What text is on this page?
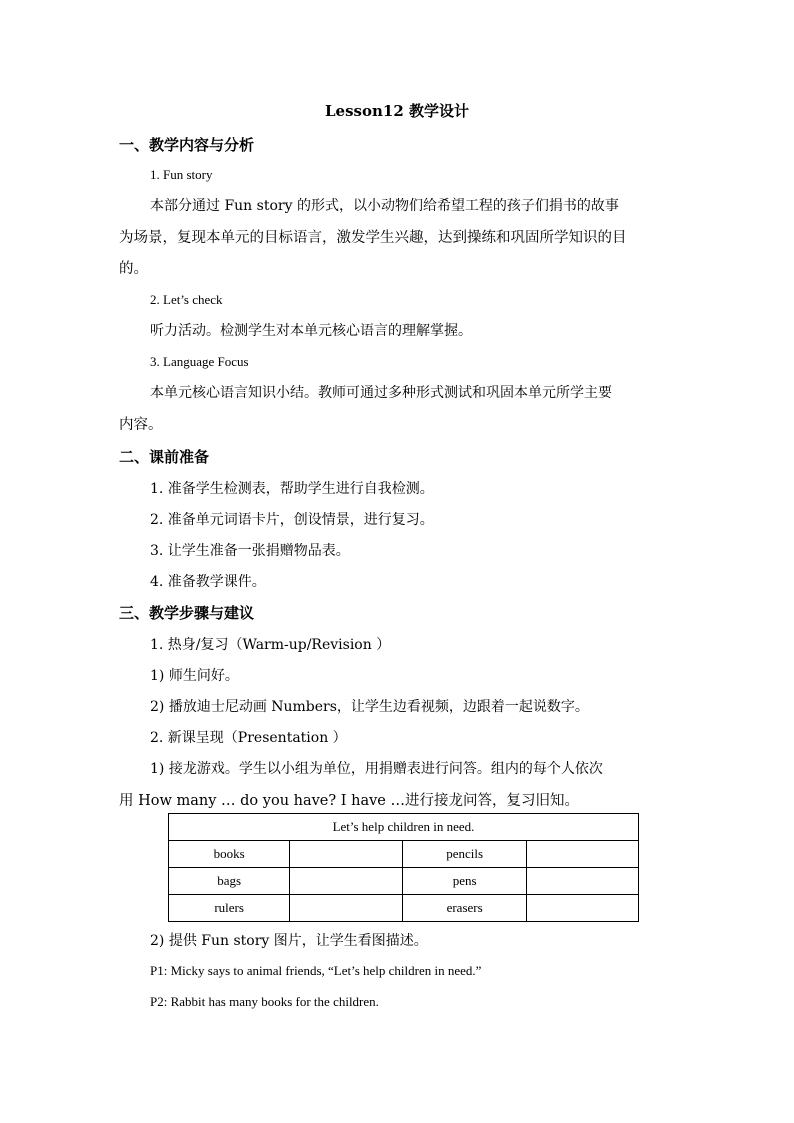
Lesson12 教学设计
一、教学内容与分析
1. Fun story
本部分通过 Fun story 的形式，以小动物们给希望工程的孩子们捐书的故事
为场景，复现本单元的目标语言，激发学生兴趣，达到操练和巩固所学知识的目
的。
2. Let’s check
听力活动。检测学生对本单元核心语言的理解掌握。
3. Language Focus
本单元核心语言知识小结。教师可通过多种形式测试和巩固本单元所学主要
内容。
二、课前准备
1. 准备学生检测表，帮助学生进行自我检测。
2. 准备单元词语卡片，创设情景，进行复习。
3. 让学生准备一张捐赠物品表。
4. 准备教学课件。
三、教学步骤与建议
1. 热身/复习（Warm-up/Revision ）
1) 师生问好。
2) 播放迪士尼动画 Numbers，让学生边看视频，边跟着一起说数字。
2. 新课呈现（Presentation ）
1) 接龙游戏。学生以小组为单位，用捐赠表进行问答。组内的每个人依次
用 How many … do you have? I have …进行接龙问答，复习旧知。
Let’s help children in need.			
books		pencils	
bags		pens	
rulers		erasers	
2) 提供 Fun story 图片，让学生看图描述。
P1: Micky says to animal friends, “Let’s help children in need.”
P2: Rabbit has many books for the children.
